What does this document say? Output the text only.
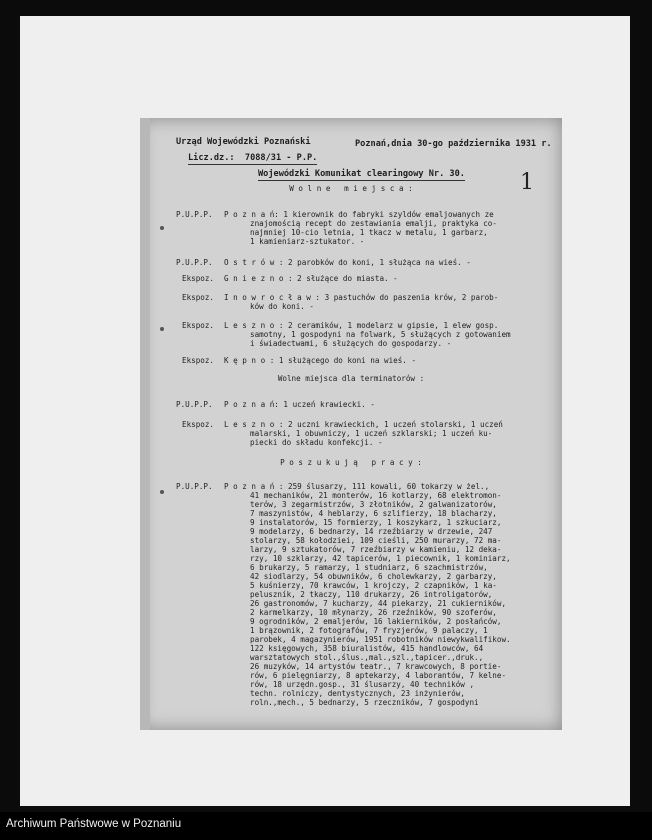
Urząd Wojewódzki Poznański	Poznań,dnia 30-go października 1931 r.
Licz.dz.:  7088/31 - P.P.
Wojewódzki Komunikat clearingowy Nr. 30.	1
W o l n e   m i e j s c a :
P.U.P.P. P o z n a ń: 1 kierownik do fabryki szyldów emaljowanych ze
znajomością recept do zestawiania emalji, praktyka co-
najmniej 10-cio letnia, 1 tkacz w metalu, 1 garbarz,
1 kamieniarz-sztukator. -
P.U.P.P. O s t r ó w : 2 parobków do koni, 1 służąca na wieś. -
Ekspoz. G n i e z n o : 2 służące do miasta. -
Ekspoz. I n o w r o c ł a w : 3 pastuchów do paszenia krów, 2 parob-
ków do koni. -
Ekspoz. L e s z n o : 2 ceramików, 1 modelarz w gipsie, 1 elew gosp.
samotny, 1 gospodyni na folwark, 5 służących z gotowaniem
i świadectwami, 6 służących do gospodarzy. -
Ekspoz. K ę p n o : 1 służącego do koni na wieś. -
Wolne miejsca dla terminatorów :
P.U.P.P. P o z n a ń: 1 uczeń krawiecki. -
Ekspoz. L e s z n o : 2 uczni krawieckich, 1 uczeń stolarski, 1 uczeń
malarski, 1 obuwniczy, 1 uczeń szklarski; 1 uczeń ku-
piecki do składu konfekcji. -
P o s z u k u j ą   p r a c y :
P.U.P.P. P o z n a ń : 259 ślusarzy, 111 kowali, 60 tokarzy w żel.,
41 mechaników, 21 monterów, 16 kotlarzy, 68 elektromon-
terów, 3 zegarmistrzów, 3 złotników, 2 galwanizatorów,
7 maszynistów, 4 heblarzy, 6 szlifierzy, 18 blacharzy,
9 instalatorów, 15 formierzy, 1 koszykarz, 1 szkuciarz,
9 modelarzy, 6 bednarzy, 14 rzeźbiarzy w drzewie, 247
stolarzy, 58 kołodziei, 109 cieśli, 250 murarzy, 72 ma-
larzy, 9 sztukatorów, 7 rzeźbiarzy w kamieniu, 12 deka-
rzy, 10 szklarzy, 42 tapicerów, 1 piecownik, 1 kominiarz,
6 brukarzy, 5 ramarzy, 1 studniarz, 6 szachmistrzów,
42 siodlarzy, 54 obuwników, 6 cholewkarzy, 2 garbarzy,
5 kuśnierzy, 70 krawców, 1 krojczy, 2 czapników, 1 ka-
peluszník, 2 tkaczy, 110 drukarzy, 26 introligatorów,
26 gastronomów, 7 kucharzy, 44 piekarzy, 21 cukierników,
2 karmelkarzy, 10 młynarzy, 26 rzeźników, 90 szoferów,
9 ogrodników, 2 emaljerów, 16 lakierników, 2 posłańców,
1 brązownik, 2 fotografów, 7 fryzjerów, 9 palaczy, 1
parobek, 4 magazynierów, 1951 robotników niewykwalifikow.
122 księgowych, 358 biuralistów, 415 handlowców, 64
warsztatowych stol.,ślus.,mal.,szl.,tapicer.,druk.,
26 muzyków, 14 artystów teatr., 7 krawcowych, 8 portie-
rów, 6 pielęgniarzy, 8 aptekarzy, 4 laborantów, 7 kelne-
rów, 18 urzędn.gosp., 31 ślusarzy, 40 techników ,
techn. rolniczy, dentystycznych, 23 inżynierów,
roln.,mech., 5 bednarzy, 5 rzeczników, 7 gospodyni
Archiwum Państwowe w Poznaniu
